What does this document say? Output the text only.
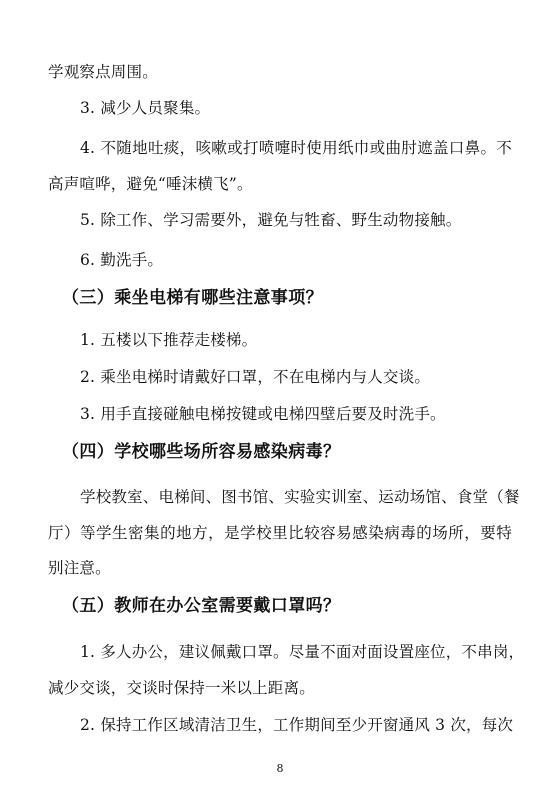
学观察点周围。
3. 减少人员聚集。
4. 不随地吐痰，咳嗽或打喷嚏时使用纸巾或曲肘遮盖口鼻。不
高声喧哗，避免“唾沫横飞”。
5. 除工作、学习需要外，避免与牲畜、野生动物接触。
6. 勤洗手。
（三）乘坐电梯有哪些注意事项？
1. 五楼以下推荐走楼梯。
2. 乘坐电梯时请戴好口罩，不在电梯内与人交谈。
3. 用手直接碰触电梯按键或电梯四壁后要及时洗手。
（四）学校哪些场所容易感染病毒？
学校教室、电梯间、图书馆、实验实训室、运动场馆、食堂（餐
厅）等学生密集的地方，是学校里比较容易感染病毒的场所，要特
别注意。
（五）教师在办公室需要戴口罩吗？
1. 多人办公，建议佩戴口罩。尽量不面对面设置座位，不串岗，
减少交谈，交谈时保持一米以上距离。
2. 保持工作区域清洁卫生，工作期间至少开窗通风 3 次，每次
8
